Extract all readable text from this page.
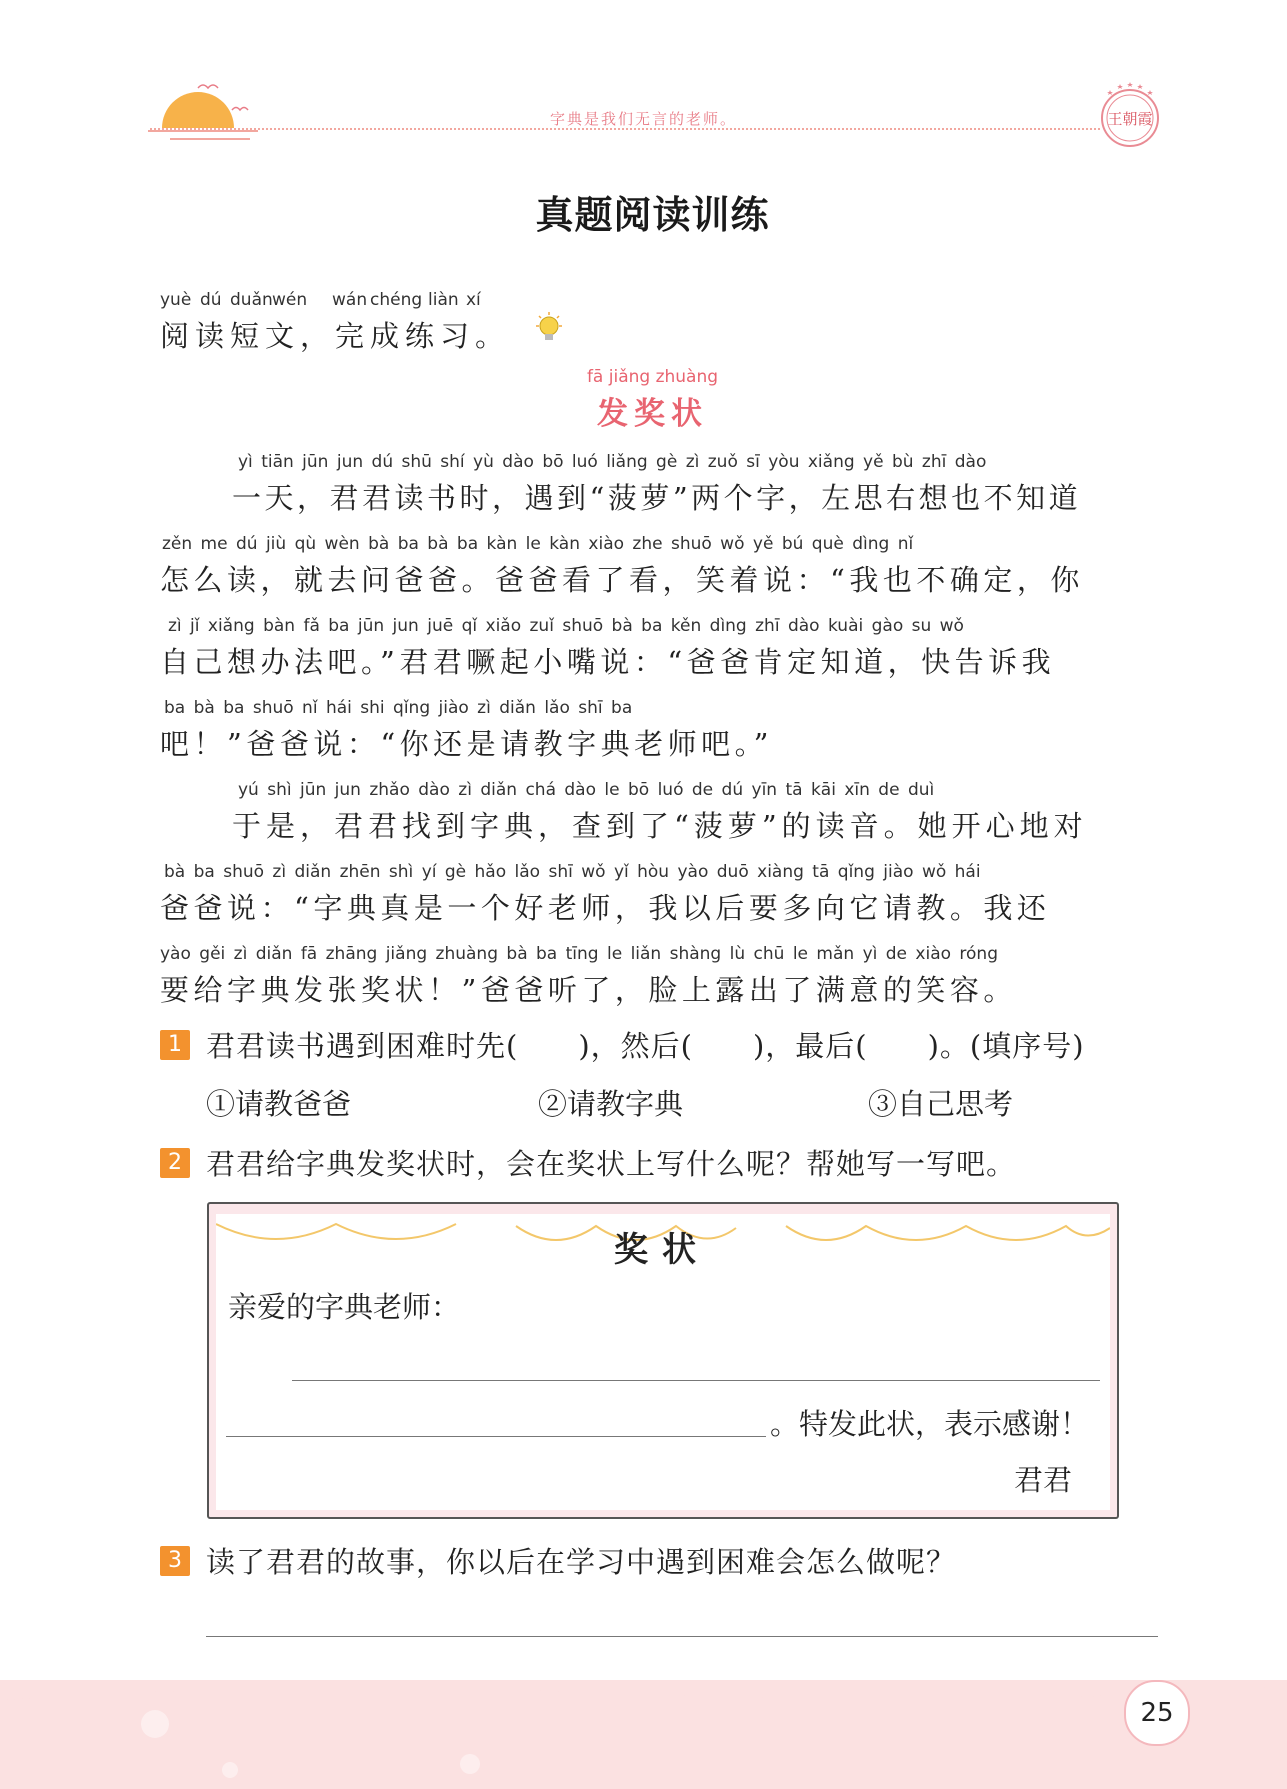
字典是我们无言的老师。	王朝霞
真题阅读训练
yuè dú duǎn wén wán chéng liàn xí
阅读短文，完成练习。
fā jiǎng zhuàng
发奖状
yì tiān jūn jun dú shū shí yù dào bō luó liǎng gè zì zuǒ sī yòu xiǎng yě bù zhī dào
一天，君君读书时，遇到“菠萝”两个字，左思右想也不知道
zěn me dú jiù qù wèn bà ba bà ba kàn le kàn xiào zhe shuō wǒ yě bú què dìng nǐ
怎么读，就去问爸爸。爸爸看了看，笑着说：“我也不确定，你
zì jǐ xiǎng bàn fǎ ba jūn jun juē qǐ xiǎo zuǐ shuō bà ba kěn dìng zhī dào kuài gào su wǒ
自己想办法吧。”君君噘起小嘴说：“爸爸肯定知道，快告诉我
ba bà ba shuō nǐ hái shi qǐng jiào zì diǎn lǎo shī ba
吧！”爸爸说：“你还是请教字典老师吧。”
yú shì jūn jun zhǎo dào zì diǎn chá dào le bō luó de dú yīn tā kāi xīn de duì
于是，君君找到字典，查到了“菠萝”的读音。她开心地对
bà ba shuō zì diǎn zhēn shì yí gè hǎo lǎo shī wǒ yǐ hòu yào duō xiàng tā qǐng jiào wǒ hái
爸爸说：“字典真是一个好老师，我以后要多向它请教。我还
yào gěi zì diǎn fā zhāng jiǎng zhuàng bà ba tīng le liǎn shàng lù chū le mǎn yì de xiào róng
要给字典发张奖状！”爸爸听了，脸上露出了满意的笑容。
1 君君读书遇到困难时先(　　)，然后(　　)，最后(　　)。(填序号)
①请教爸爸	②请教字典	③自己思考
2 君君给字典发奖状时，会在奖状上写什么呢？帮她写一写吧。
奖状
亲爱的字典老师：
。特发此状，表示感谢！
君君
3 读了君君的故事，你以后在学习中遇到困难会怎么做呢？
25
